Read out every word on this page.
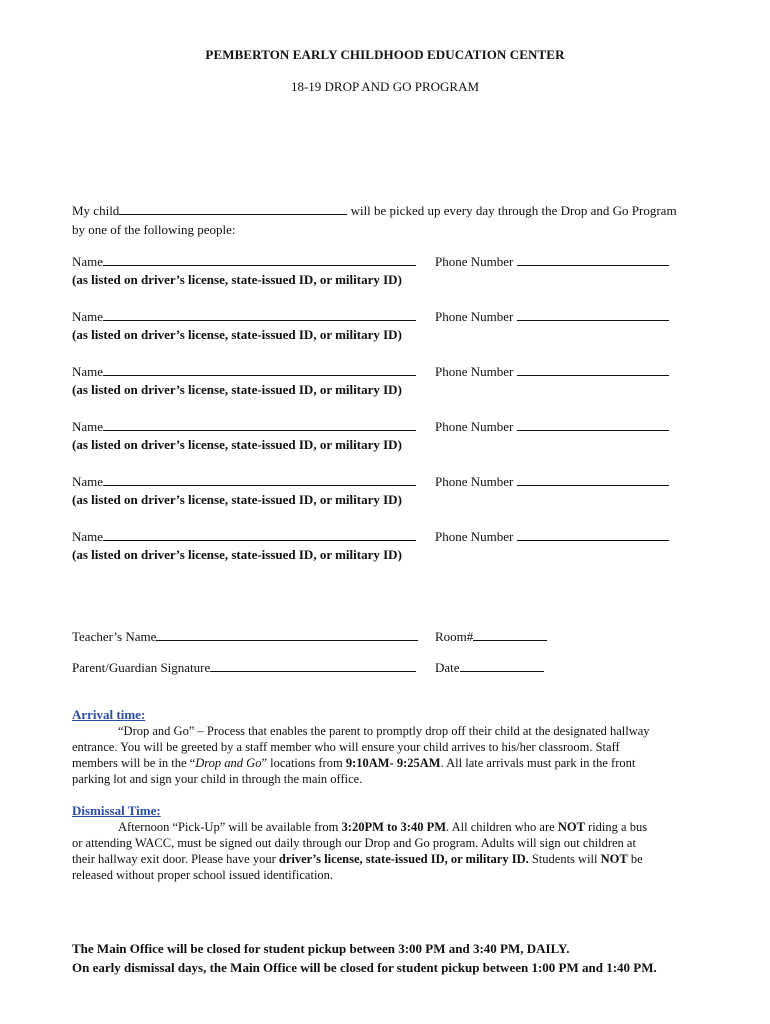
PEMBERTON EARLY CHILDHOOD EDUCATION CENTER
18-19 DROP AND GO PROGRAM
My child	will be picked up every day through the Drop and Go Program
by one of the following people:
Name	Phone Number
(as listed on driver’s license, state-issued ID, or military ID)
Name	Phone Number
(as listed on driver’s license, state-issued ID, or military ID)
Name	Phone Number
(as listed on driver’s license, state-issued ID, or military ID)
Name	Phone Number
(as listed on driver’s license, state-issued ID, or military ID)
Name	Phone Number
(as listed on driver’s license, state-issued ID, or military ID)
Name	Phone Number
(as listed on driver’s license, state-issued ID, or military ID)
Teacher’s Name	Room#
Parent/Guardian Signature	Date
Arrival time:
“Drop and Go” – Process that enables the parent to promptly drop off their child at the designated hallway
entrance. You will be greeted by a staff member who will ensure your child arrives to his/her classroom. Staff
members will be in the “Drop and Go” locations from 9:10AM- 9:25AM. All late arrivals must park in the front
parking lot and sign your child in through the main office.
Dismissal Time:
Afternoon “Pick-Up” will be available from 3:20PM to 3:40 PM. All children who are NOT riding a bus
or attending WACC, must be signed out daily through our Drop and Go program. Adults will sign out children at
their hallway exit door. Please have your driver’s license, state-issued ID, or military ID. Students will NOT be
released without proper school issued identification.
The Main Office will be closed for student pickup between 3:00 PM and 3:40 PM, DAILY.
On early dismissal days, the Main Office will be closed for student pickup between 1:00 PM and 1:40 PM.
